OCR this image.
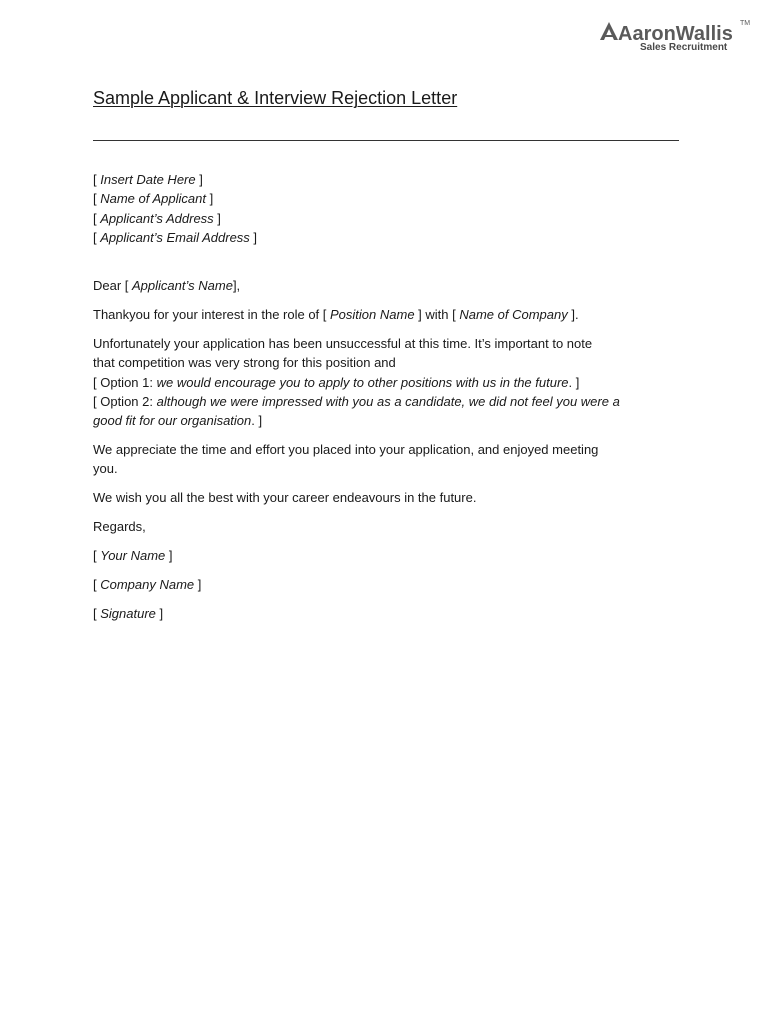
AaronWallis TM
Sales Recruitment
Sample Applicant & Interview Rejection Letter
[ Insert Date Here ]
[ Name of Applicant ]
[ Applicant’s Address ]
[ Applicant’s Email Address ]

Dear [ Applicant’s Name],

Thankyou for your interest in the role of [ Position Name ] with [ Name of Company ].

Unfortunately your application has been unsuccessful at this time. It’s important to note
that competition was very strong for this position and
[ Option 1: we would encourage you to apply to other positions with us in the future. ]
[ Option 2: although we were impressed with you as a candidate, we did not feel you were a
good fit for our organisation. ]

We appreciate the time and effort you placed into your application, and enjoyed meeting
you.

We wish you all the best with your career endeavours in the future.

Regards,

[ Your Name ]

[ Company Name ]

[ Signature ]
